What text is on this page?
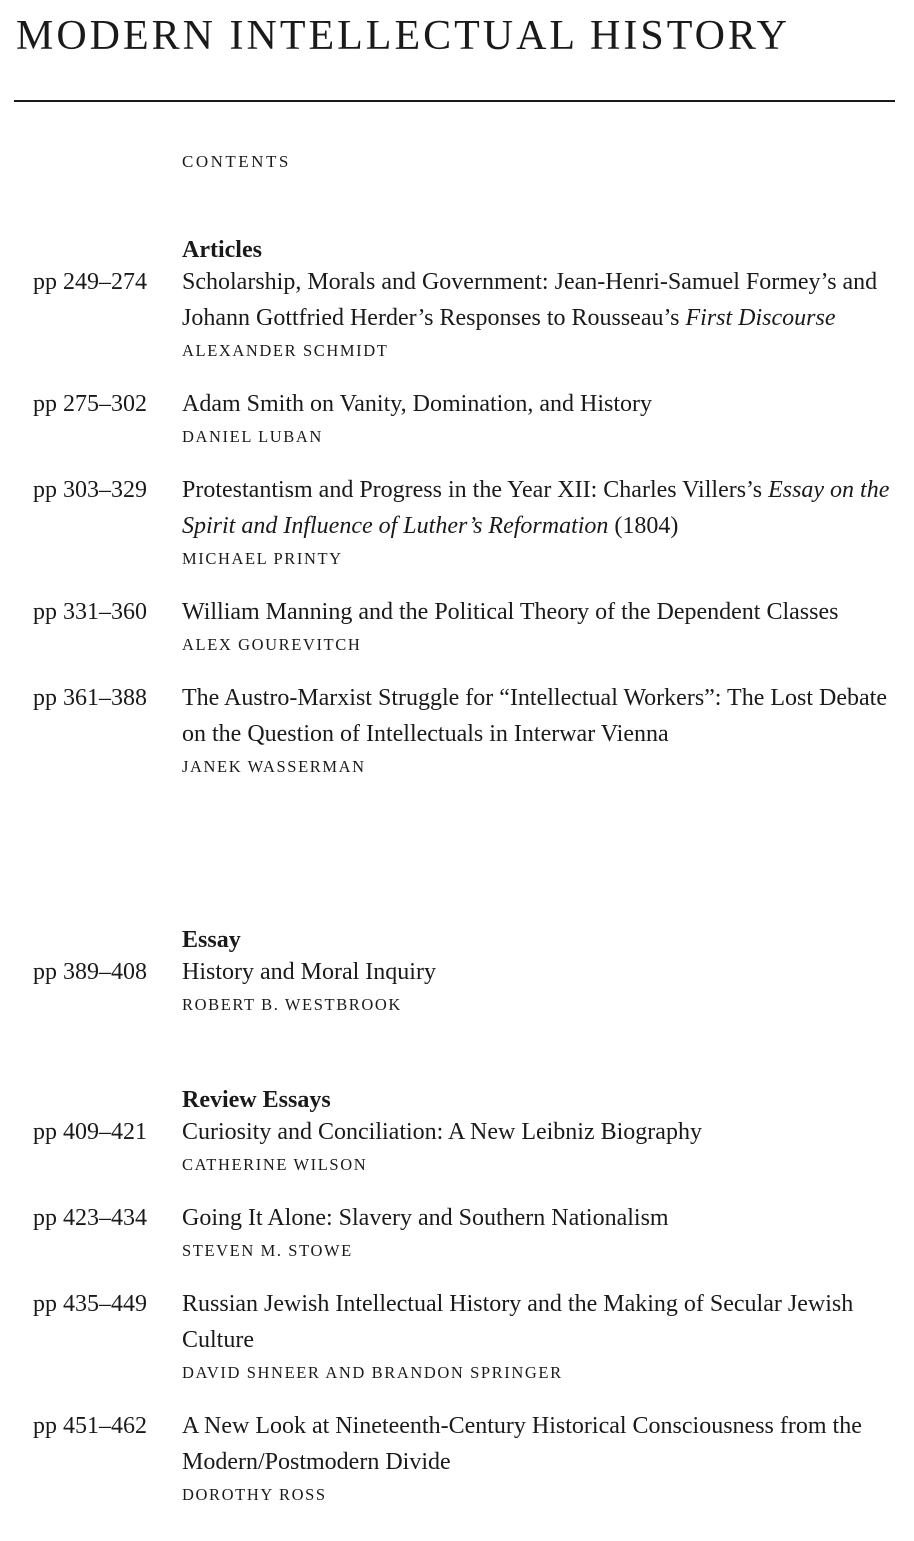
MODERN INTELLECTUAL HISTORY
CONTENTS
Articles
pp 249–274 Scholarship, Morals and Government: Jean-Henri-Samuel Formey’s and Johann Gottfried Herder’s Responses to Rousseau’s First Discourse
ALEXANDER SCHMIDT
pp 275–302 Adam Smith on Vanity, Domination, and History
DANIEL LUBAN
pp 303–329 Protestantism and Progress in the Year XII: Charles Villers’s Essay on the Spirit and Influence of Luther’s Reformation (1804)
MICHAEL PRINTY
pp 331–360 William Manning and the Political Theory of the Dependent Classes
ALEX GOUREVITCH
pp 361–388 The Austro-Marxist Struggle for “Intellectual Workers”: The Lost Debate on the Question of Intellectuals in Interwar Vienna
JANEK WASSERMAN
Essay
pp 389–408 History and Moral Inquiry
ROBERT B. WESTBROOK
Review Essays
pp 409–421 Curiosity and Conciliation: A New Leibniz Biography
CATHERINE WILSON
pp 423–434 Going It Alone: Slavery and Southern Nationalism
STEVEN M. STOWE
pp 435–449 Russian Jewish Intellectual History and the Making of Secular Jewish Culture
DAVID SHNEER AND BRANDON SPRINGER
pp 451–462 A New Look at Nineteenth-Century Historical Consciousness from the Modern/Postmodern Divide
DOROTHY ROSS
